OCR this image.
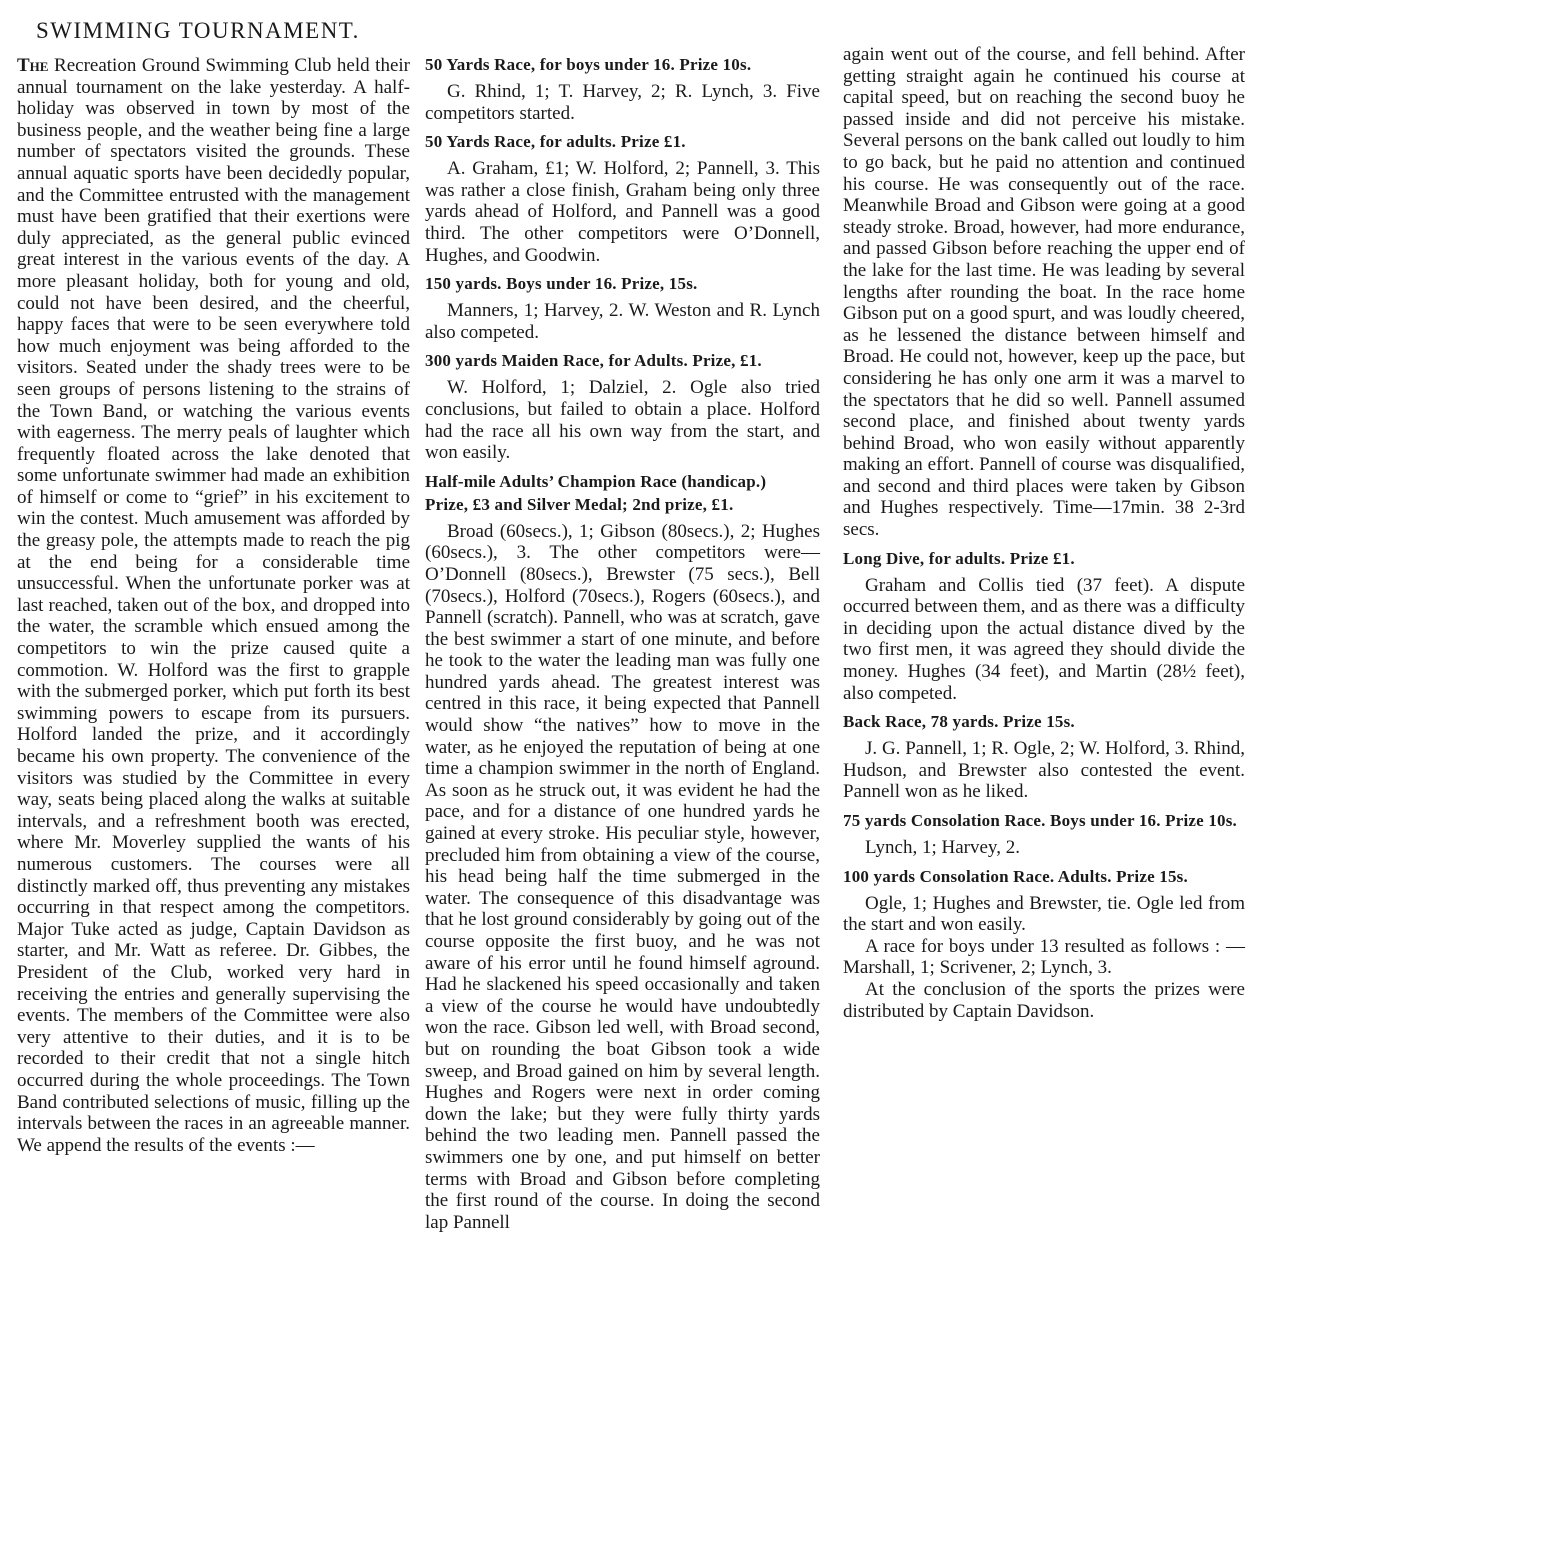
SWIMMING TOURNAMENT.

The Recreation Ground Swimming Club held their annual tournament on the lake yesterday. A half-holiday was observed in town by most of the business people, and the weather being fine a large number of spectators visited the grounds. These annual aquatic sports have been decidedly popular, and the Committee entrusted with the management must have been gratified that their exertions were duly appreciated, as the general public evinced great interest in the various events of the day. A more pleasant holiday, both for young and old, could not have been desired, and the cheerful, happy faces that were to be seen everywhere told how much enjoyment was being afforded to the visitors. Seated under the shady trees were to be seen groups of persons listening to the strains of the Town Band, or watching the various events with eagerness. The merry peals of laughter which frequently floated across the lake denoted that some unfortunate swimmer had made an exhibition of himself or come to “grief” in his excitement to win the contest. Much amusement was afforded by the greasy pole, the attempts made to reach the pig at the end being for a considerable time unsuccessful. When the unfortunate porker was at last reached, taken out of the box, and dropped into the water, the scramble which ensued among the competitors to win the prize caused quite a commotion. W. Holford was the first to grapple with the submerged porker, which put forth its best swimming powers to escape from its pursuers. Holford landed the prize, and it accordingly became his own property. The convenience of the visitors was studied by the Committee in every way, seats being placed along the walks at suitable intervals, and a refreshment booth was erected, where Mr. Moverley supplied the wants of his numerous customers. The courses were all distinctly marked off, thus preventing any mistakes occurring in that respect among the competitors. Major Tuke acted as judge, Captain Davidson as starter, and Mr. Watt as referee. Dr. Gibbes, the President of the Club, worked very hard in receiving the entries and generally supervising the events. The members of the Committee were also very attentive to their duties, and it is to be recorded to their credit that not a single hitch occurred during the whole proceedings. The Town Band contributed selections of music, filling up the intervals between the races in an agreeable manner. We append the results of the events :—

50 Yards Race, for boys under 16. Prize 10s.

G. Rhind, 1; T. Harvey, 2; R. Lynch, 3. Five competitors started.

50 Yards Race, for adults. Prize £1.

A. Graham, £1; W. Holford, 2; Pannell, 3. This was rather a close finish, Graham being only three yards ahead of Holford, and Pannell was a good third. The other competitors were O’Donnell, Hughes, and Goodwin.

150 yards. Boys under 16. Prize, 15s.

Manners, 1; Harvey, 2. W. Weston and R. Lynch also competed.

300 yards Maiden Race, for Adults. Prize, £1.

W. Holford, 1; Dalziel, 2. Ogle also tried conclusions, but failed to obtain a place. Holford had the race all his own way from the start, and won easily.

Half-mile Adults’ Champion Race (handicap.)

Prize, £3 and Silver Medal; 2nd prize, £1.

Broad (60secs.), 1; Gibson (80secs.), 2; Hughes (60secs.), 3. The other competitors were—O’Donnell (80secs.), Brewster (75 secs.), Bell (70secs.), Holford (70secs.), Rogers (60secs.), and Pannell (scratch). Pannell, who was at scratch, gave the best swimmer a start of one minute, and before he took to the water the leading man was fully one hundred yards ahead. The greatest interest was centred in this race, it being expected that Pannell would show “the natives” how to move in the water, as he enjoyed the reputation of being at one time a champion swimmer in the north of England. As soon as he struck out, it was evident he had the pace, and for a distance of one hundred yards he gained at every stroke. His peculiar style, however, precluded him from obtaining a view of the course, his head being half the time submerged in the water. The consequence of this disadvantage was that he lost ground considerably by going out of the course opposite the first buoy, and he was not aware of his error until he found himself aground. Had he slackened his speed occasionally and taken a view of the course he would have undoubtedly won the race. Gibson led well, with Broad second, but on rounding the boat Gibson took a wide sweep, and Broad gained on him by several length. Hughes and Rogers were next in order coming down the lake; but they were fully thirty yards behind the two leading men. Pannell passed the swimmers one by one, and put himself on better terms with Broad and Gibson before completing the first round of the course. In doing the second lap Pannell

again went out of the course, and fell behind. After getting straight again he continued his course at capital speed, but on reaching the second buoy he passed inside and did not perceive his mistake. Several persons on the bank called out loudly to him to go back, but he paid no attention and continued his course. He was consequently out of the race. Meanwhile Broad and Gibson were going at a good steady stroke. Broad, however, had more endurance, and passed Gibson before reaching the upper end of the lake for the last time. He was leading by several lengths after rounding the boat. In the race home Gibson put on a good spurt, and was loudly cheered, as he lessened the distance between himself and Broad. He could not, however, keep up the pace, but considering he has only one arm it was a marvel to the spectators that he did so well. Pannell assumed second place, and finished about twenty yards behind Broad, who won easily without apparently making an effort. Pannell of course was disqualified, and second and third places were taken by Gibson and Hughes respectively. Time—17min. 38 2-3rd secs.

Long Dive, for adults. Prize £1.

Graham and Collis tied (37 feet). A dispute occurred between them, and as there was a difficulty in deciding upon the actual distance dived by the two first men, it was agreed they should divide the money. Hughes (34 feet), and Martin (28½ feet), also competed.

Back Race, 78 yards. Prize 15s.

J. G. Pannell, 1; R. Ogle, 2; W. Holford, 3. Rhind, Hudson, and Brewster also contested the event. Pannell won as he liked.

75 yards Consolation Race. Boys under 16. Prize 10s.

Lynch, 1; Harvey, 2.

100 yards Consolation Race. Adults. Prize 15s.

Ogle, 1; Hughes and Brewster, tie. Ogle led from the start and won easily.

A race for boys under 13 resulted as follows : — Marshall, 1; Scrivener, 2; Lynch, 3.

At the conclusion of the sports the prizes were distributed by Captain Davidson.
